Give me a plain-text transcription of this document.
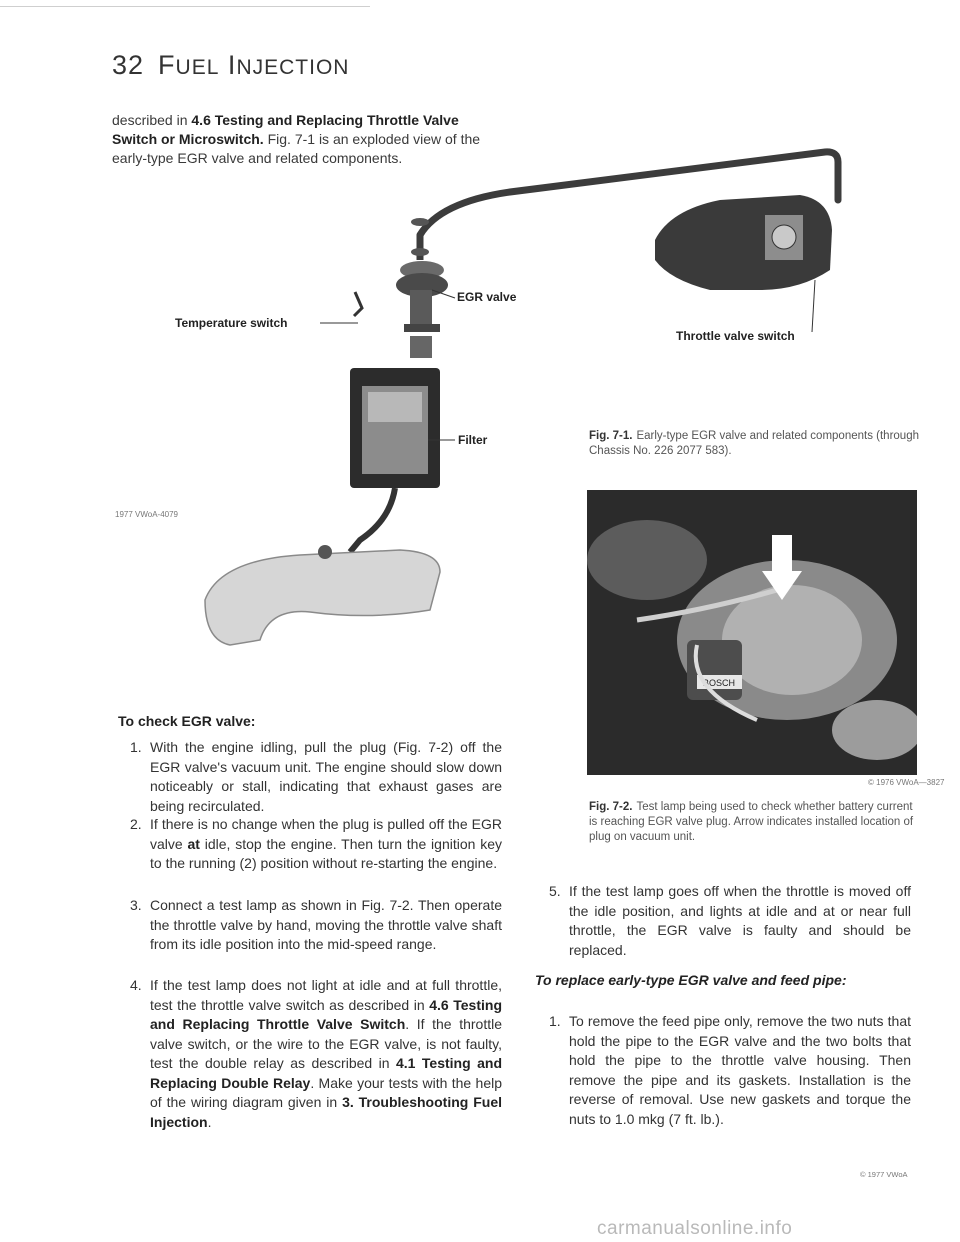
32 FUEL INJECTION
described in 4.6 Testing and Replacing Throttle Valve Switch or Microswitch. Fig. 7-1 is an exploded view of the early-type EGR valve and related components.
Temperature switch
EGR valve
Throttle valve switch
Filter
1977 VWoA-4079
Fig. 7-1. Early-type EGR valve and related components (through Chassis No. 226 2077 583).
BOSCH
© 1976 VWoA—3827
Fig. 7-2. Test lamp being used to check whether battery current is reaching EGR valve plug. Arrow indicates installed location of plug on vacuum unit.
To check EGR valve:
1. With the engine idling, pull the plug (Fig. 7-2) off the EGR valve's vacuum unit. The engine should slow down noticeably or stall, indicating that exhaust gases are being recirculated.
2. If there is no change when the plug is pulled off the EGR valve at idle, stop the engine. Then turn the ignition key to the running (2) position without re-starting the engine.
3. Connect a test lamp as shown in Fig. 7-2. Then operate the throttle valve by hand, moving the throttle valve shaft from its idle position into the mid-speed range.
4. If the test lamp does not light at idle and at full throttle, test the throttle valve switch as described in 4.6 Testing and Replacing Throttle Valve Switch. If the throttle valve switch, or the wire to the EGR valve, is not faulty, test the double relay as described in 4.1 Testing and Replacing Double Relay. Make your tests with the help of the wiring diagram given in 3. Troubleshooting Fuel Injection.
5. If the test lamp goes off when the throttle is moved off the idle position, and lights at idle and at or near full throttle, the EGR valve is faulty and should be replaced.
To replace early-type EGR valve and feed pipe:
1. To remove the feed pipe only, remove the two nuts that hold the pipe to the EGR valve and the two bolts that hold the pipe to the throttle valve housing. Then remove the pipe and its gaskets. Installation is the reverse of removal. Use new gaskets and torque the nuts to 1.0 mkg (7 ft. lb.).
© 1977 VWoA
carmanualsonline.info
